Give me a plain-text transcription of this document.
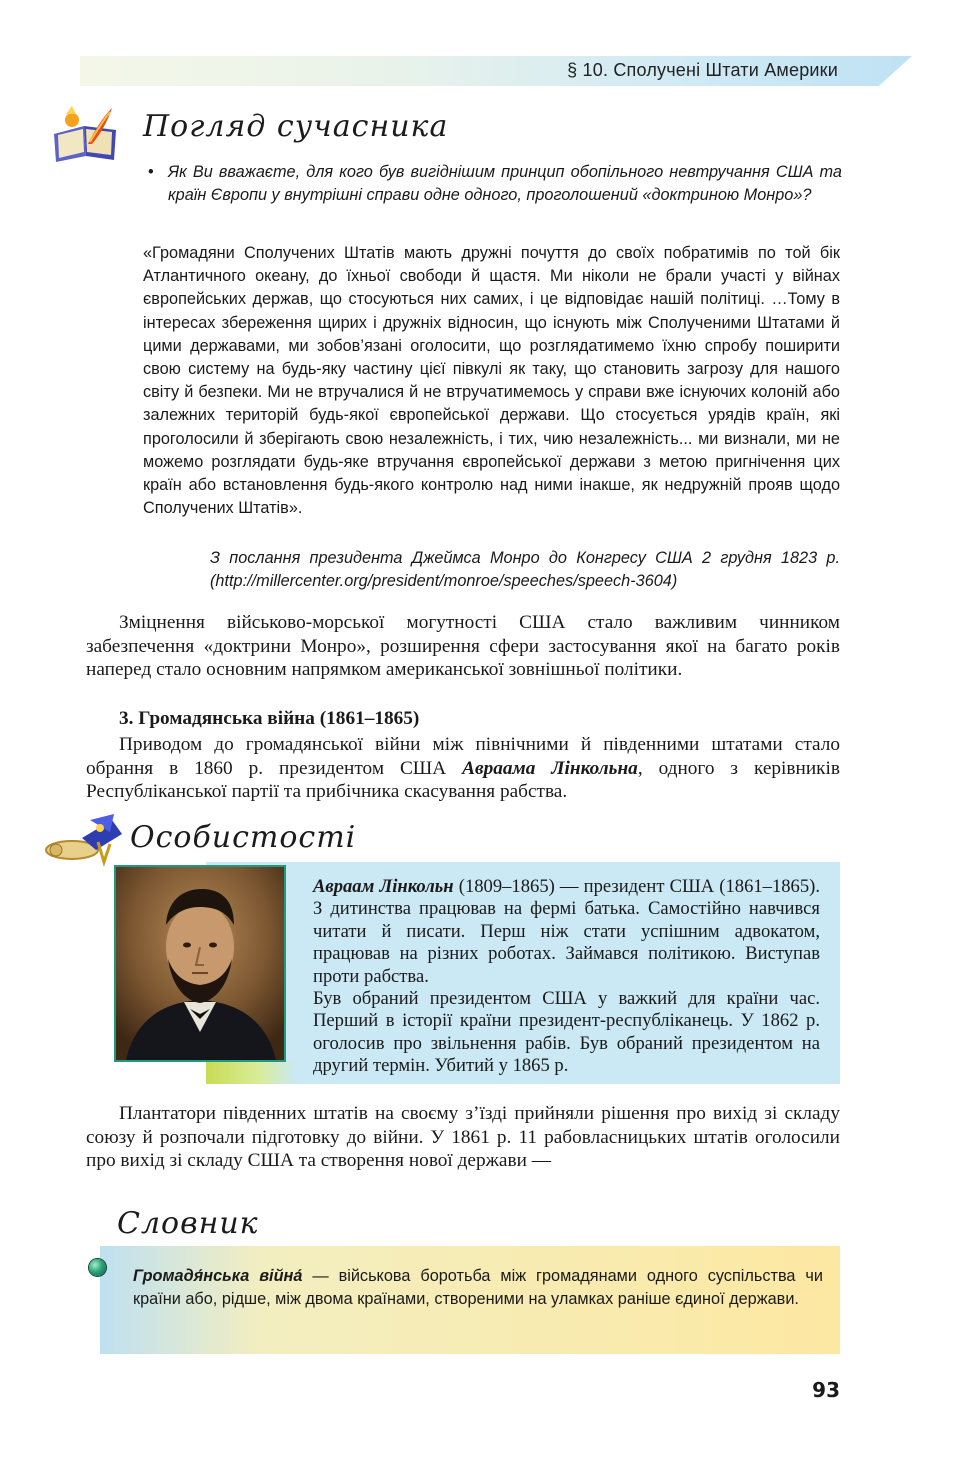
§ 10. Сполучені Штати Америки
Погляд сучасника
• Як Ви вважаєте, для кого був вигіднішим принцип обопільного невтручання США та країн Європи у внутрішні справи одне одного, проголошений «доктриною Монро»?
«Громадяни Сполучених Штатів мають дружні почуття до своїх побратимів по той бік Атлантичного океану, до їхньої свободи й щастя. Ми ніколи не брали участі у війнах європейських держав, що стосуються них самих, і це відповідає нашій політиці. …Тому в інтересах збереження щирих і дружніх відносин, що існують між Сполученими Штатами й цими державами, ми зобов’язані оголосити, що розглядатимемо їхню спробу поширити свою систему на будь-яку частину цієї півкулі як таку, що становить загрозу для нашого світу й безпеки. Ми не втручалися й не втручатимемось у справи вже існуючих колоній або залежних територій будь-якої європейської держави. Що стосується урядів країн, які проголосили й зберігають свою незалежність, і тих, чию незалежність... ми визнали, ми не можемо розглядати будь-яке втручання європейської держави з метою пригнічення цих країн або встановлення будь-якого контролю над ними інакше, як недружній прояв щодо Сполучених Штатів».
З послання президента Джеймса Монро до Конгресу США 2 грудня 1823 р. (http://millercenter.org/president/monroe/speeches/speech-3604)
Зміцнення військово-морської могутності США стало важливим чинником забезпечення «доктрини Монро», розширення сфери застосування якої на багато років наперед стало основним напрямком американської зовнішньої політики.
3. Громадянська війна (1861–1865)
Приводом до громадянської війни між північними й південними штатами стало обрання в 1860 р. президентом США Авраама Лінкольна, одного з керівників Республіканської партії та прибічника скасування рабства.
Особистості
Авраам Лінкольн (1809–1865) — президент США (1861–1865). З дитинства працював на фермі батька. Самостійно навчився читати й писати. Перш ніж стати успішним адвокатом, працював на різних роботах. Займався політикою. Виступав проти рабства.
Був обраний президентом США у важкий для країни час. Перший в історії країни президент-республіканець. У 1862 р. оголосив про звільнення рабів. Був обраний президентом на другий термін. Убитий у 1865 р.
Плантатори південних штатів на своєму з’їзді прийняли рішення про вихід зі складу союзу й розпочали підготовку до війни. У 1861 р. 11 рабовласницьких штатів оголосили про вихід зі складу США та створення нової держави —
Словник
Громадя́нська війна́ — військова боротьба між громадянами одного суспільства чи країни або, рідше, між двома країнами, створеними на уламках раніше єдиної держави.
93
